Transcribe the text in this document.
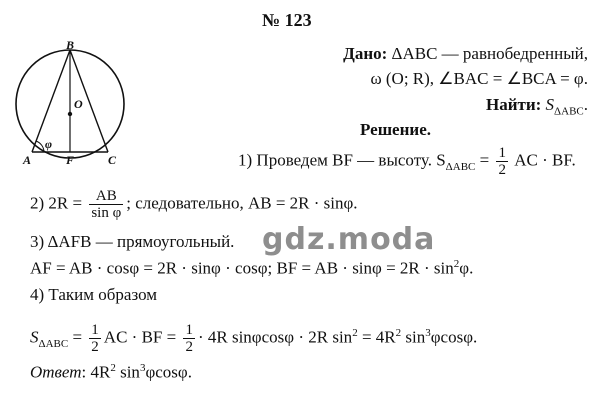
№ 123
Дано: ΔABC — равнобедренный,
ω (O; R), ∠BAC = ∠BCA = φ.
Найти: $S_{\Delta ABC}$.
B
O
A	F	C
φ
Решение.
1) Проведем BF — высоту. $S_{\Delta ABC} = \frac{1}{2}$ AC · BF.
2) $2R = \frac{AB}{\text{sin φ}}$ ; следовательно, AB = 2R · sinφ.
3) ΔAFB — прямоугольный.
AF = AB · cosφ = 2R · sinφ · cosφ; BF = AB · $\sin\varphi = 2R \cdot \sin^2\varphi$.
4) Таким образом
$S_{\Delta ABC} = \frac{1}{2}$ AC · BF = $\frac{1}{2} \cdot 4R$ sinφcosφ · 2R $\sin^2 = 4R^2$ $\sin^3\varphi\cos\varphi$.
Ответ: $4R^2$ $\sin^3\varphi\cos\varphi$.
gdz.moda
